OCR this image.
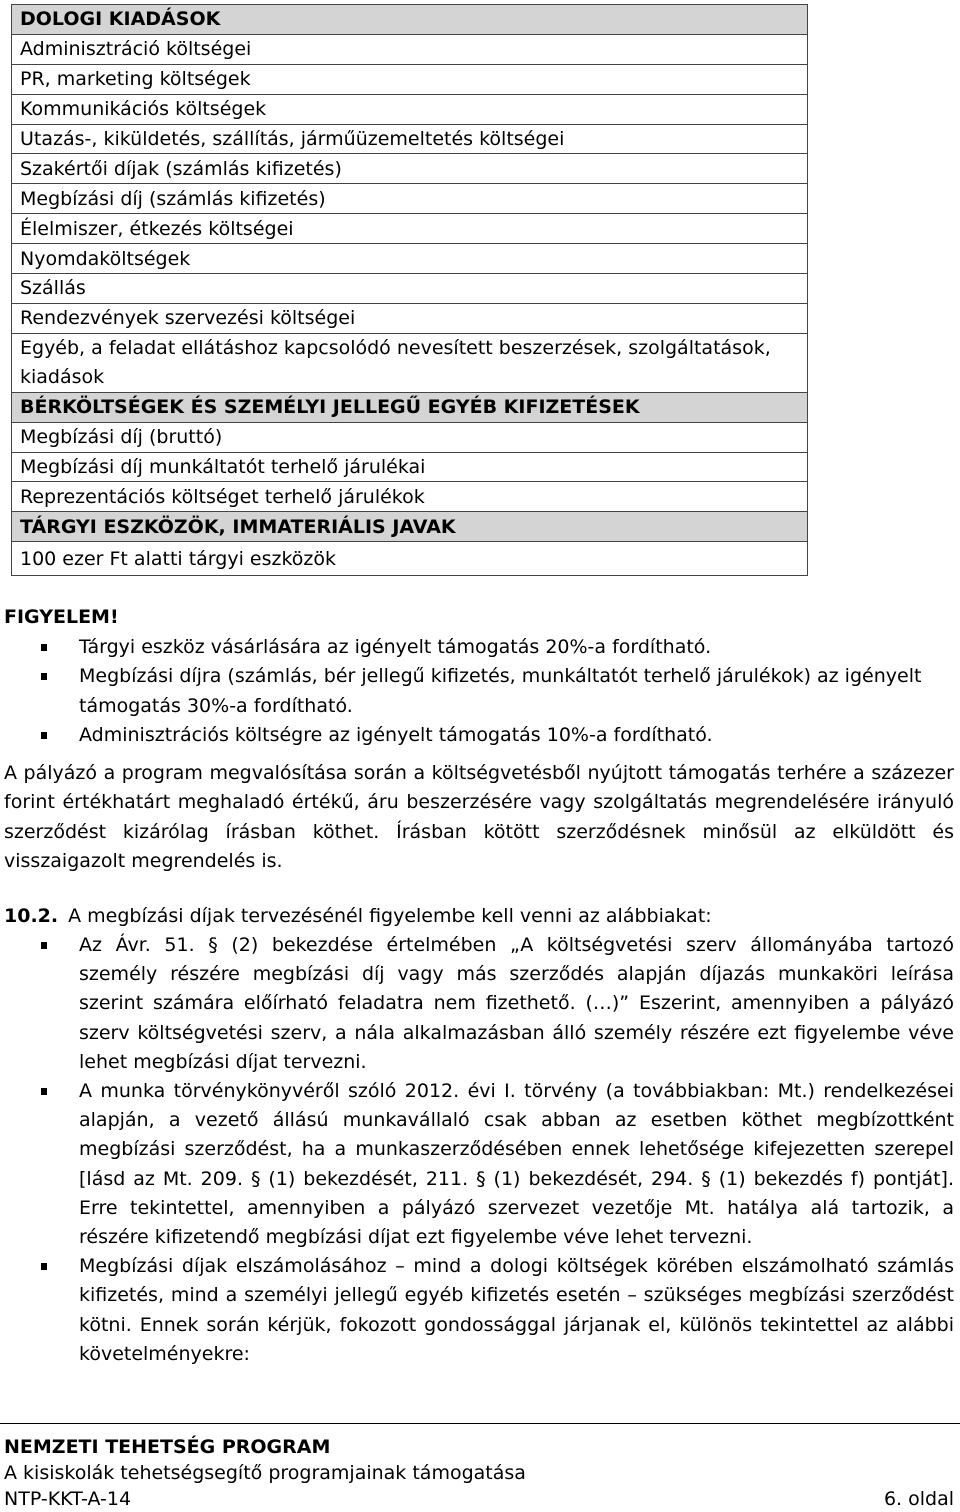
DOLOGI KIADÁSOK
Adminisztráció költségei
PR, marketing költségek
Kommunikációs költségek
Utazás-, kiküldetés, szállítás, járműüzemeltetés költségei
Szakértői díjak (számlás kifizetés)
Megbízási díj (számlás kifizetés)
Élelmiszer, étkezés költségei
Nyomdaköltségek
Szállás
Rendezvények szervezési költségei
Egyéb, a feladat ellátáshoz kapcsolódó nevesített beszerzések, szolgáltatások, kiadások
BÉRKÖLTSÉGEK ÉS SZEMÉLYI JELLEGŰ EGYÉB KIFIZETÉSEK
Megbízási díj (bruttó)
Megbízási díj munkáltatót terhelő járulékai
Reprezentációs költséget terhelő járulékok
TÁRGYI ESZKÖZÖK, IMMATERIÁLIS JAVAK
100 ezer Ft alatti tárgyi eszközök
FIGYELEM!
Tárgyi eszköz vásárlására az igényelt támogatás 20%-a fordítható.
Megbízási díjra (számlás, bér jellegű kifizetés, munkáltatót terhelő járulékok) az igényelt támogatás 30%-a fordítható.
Adminisztrációs költségre az igényelt támogatás 10%-a fordítható.

A pályázó a program megvalósítása során a költségvetésből nyújtott támogatás terhére a százezer forint értékhatárt meghaladó értékű, áru beszerzésére vagy szolgáltatás megrendelésére irányuló szerződést kizárólag írásban köthet. Írásban kötött szerződésnek minősül az elküldött és visszaigazolt megrendelés is.

10.2. A megbízási díjak tervezésénél figyelembe kell venni az alábbiakat:
Az Ávr. 51. § (2) bekezdése értelmében „A költségvetési szerv állományába tartozó személy részére megbízási díj vagy más szerződés alapján díjazás munkaköri leírása szerint számára előírható feladatra nem fizethető. (…)” Eszerint, amennyiben a pályázó szerv költségvetési szerv, a nála alkalmazásban álló személy részére ezt figyelembe véve lehet megbízási díjat tervezni.
A munka törvénykönyvéről szóló 2012. évi I. törvény (a továbbiakban: Mt.) rendelkezései alapján, a vezető állású munkavállaló csak abban az esetben köthet megbízottként megbízási szerződést, ha a munkaszerződésében ennek lehetősége kifejezetten szerepel [lásd az Mt. 209. § (1) bekezdését, 211. § (1) bekezdését, 294. § (1) bekezdés f) pontját]. Erre tekintettel, amennyiben a pályázó szervezet vezetője Mt. hatálya alá tartozik, a részére kifizetendő megbízási díjat ezt figyelembe véve lehet tervezni.
Megbízási díjak elszámolásához – mind a dologi költségek körében elszámolható számlás kifizetés, mind a személyi jellegű egyéb kifizetés esetén – szükséges megbízási szerződést kötni. Ennek során kérjük, fokozott gondossággal járjanak el, különös tekintettel az alábbi követelményekre:
NEMZETI TEHETSÉG PROGRAM
A kisiskolák tehetségsegítő programjainak támogatása
NTP-KKT-A-14	6. oldal
